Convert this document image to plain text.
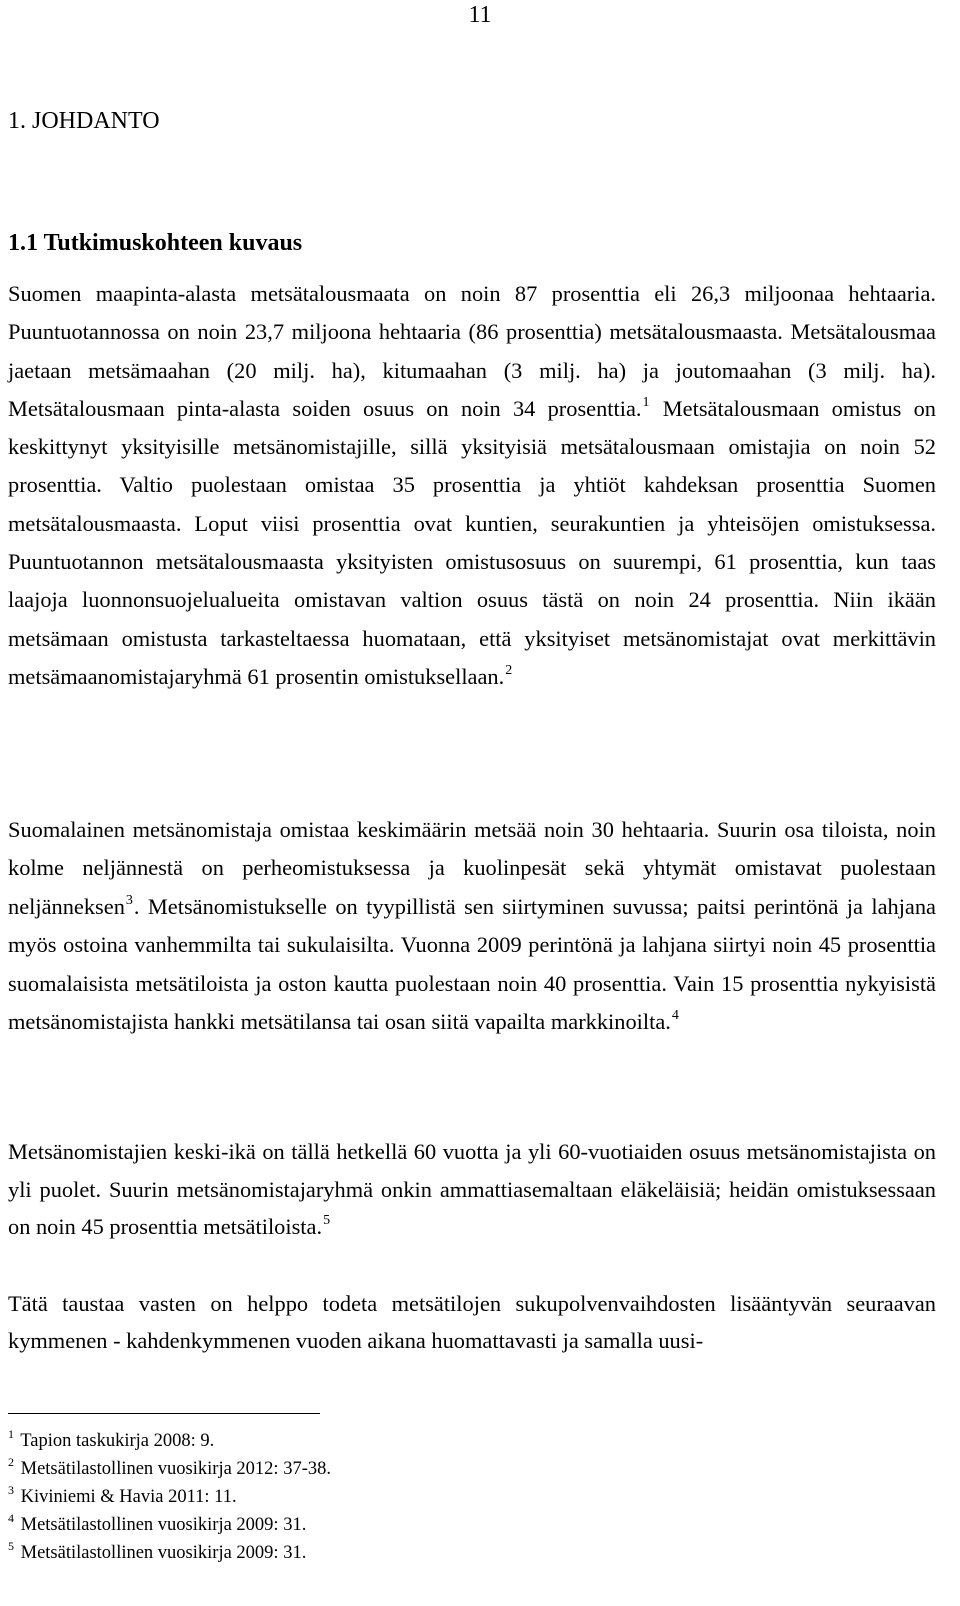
11
1. JOHDANTO
1.1 Tutkimuskohteen kuvaus

Suomen maapinta-alasta metsätalousmaata on noin 87 prosenttia eli 26,3 miljoonaa hehtaaria. Puuntuotannossa on noin 23,7 miljoona hehtaaria (86 prosenttia) metsätalousmaasta. Metsätalousmaa jaetaan metsämaahan (20 milj. ha), kitumaahan (3 milj. ha) ja joutomaahan (3 milj. ha). Metsätalousmaan pinta-alasta soiden osuus on noin 34 prosenttia.$^1$ Metsätalousmaan omistus on keskittynyt yksityisille metsänomistajille, sillä yksityisiä metsätalousmaan omistajia on noin 52 prosenttia. Valtio puolestaan omistaa 35 prosenttia ja yhtiöt kahdeksan prosenttia Suomen metsätalousmaasta. Loput viisi prosenttia ovat kuntien, seurakuntien ja yhteisöjen omistuksessa. Puuntuotannon metsätalousmaasta yksityisten omistusosuus on suurempi, 61 prosenttia, kun taas laajoja luonnonsuojelualueita omistavan valtion osuus tästä on noin 24 prosenttia. Niin ikään metsämaan omistusta tarkasteltaessa huomataan, että yksityiset metsänomistajat ovat merkittävin metsämaanomistajaryhmä 61 prosentin omistuksellaan.$^2$

Suomalainen metsänomistaja omistaa keskimäärin metsää noin 30 hehtaaria. Suurin osa tiloista, noin kolme neljännestä on perheomistuksessa ja kuolinpesät sekä yhtymät omistavat puolestaan neljänneksen$^3$. Metsänomistukselle on tyypillistä sen siirtyminen suvussa; paitsi perintönä ja lahjana myös ostoina vanhemmilta tai sukulaisilta. Vuonna 2009 perintönä ja lahjana siirtyi noin 45 prosenttia suomalaisista metsätiloista ja oston kautta puolestaan noin 40 prosenttia. Vain 15 prosenttia nykyisistä metsänomistajista hankki metsätilansa tai osan siitä vapailta markkinoilta.$^4$

Metsänomistajien keski-ikä on tällä hetkellä 60 vuotta ja yli 60-vuotiaiden osuus metsänomistajista on yli puolet. Suurin metsänomistajaryhmä onkin ammattiasemaltaan eläkeläisiä; heidän omistuksessaan on noin 45 prosenttia metsätiloista.$^5$

Tätä taustaa vasten on helppo todeta metsätilojen sukupolvenvaihdosten lisääntyvän seuraavan kymmenen - kahdenkymmenen vuoden aikana huomattavasti ja samalla uusi-

$^1$ Tapion taskukirja 2008: 9.
$^2$ Metsätilastollinen vuosikirja 2012: 37-38.
$^3$ Kiviniemi & Havia 2011: 11.
$^4$ Metsätilastollinen vuosikirja 2009: 31.
$^5$ Metsätilastollinen vuosikirja 2009: 31.
